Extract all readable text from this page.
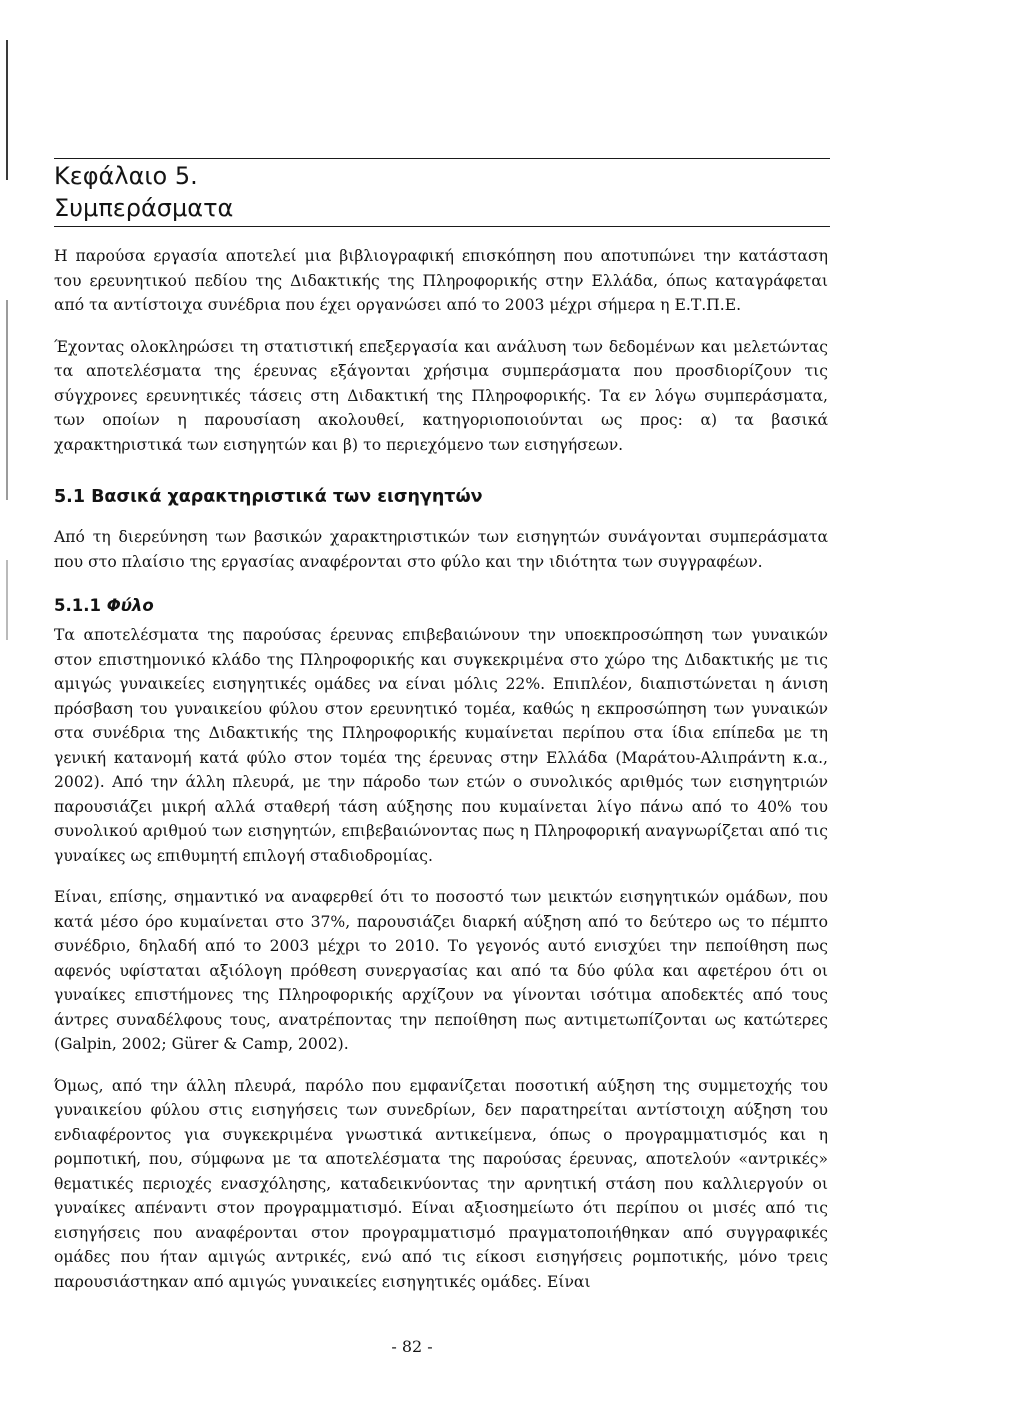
Κεφάλαιο 5.
Συμπεράσματα

Η παρούσα εργασία αποτελεί μια βιβλιογραφική επισκόπηση που αποτυπώνει την κατάσταση του ερευνητικού πεδίου της Διδακτικής της Πληροφορικής στην Ελλάδα, όπως καταγράφεται από τα αντίστοιχα συνέδρια που έχει οργανώσει από το 2003 μέχρι σήμερα η Ε.Τ.Π.Ε.

Έχοντας ολοκληρώσει τη στατιστική επεξεργασία και ανάλυση των δεδομένων και μελετώντας τα αποτελέσματα της έρευνας εξάγονται χρήσιμα συμπεράσματα που προσδιορίζουν τις σύγχρονες ερευνητικές τάσεις στη Διδακτική της Πληροφορικής. Τα εν λόγω συμπεράσματα, των οποίων η παρουσίαση ακολουθεί, κατηγοριοποιούνται ως προς: α) τα βασικά χαρακτηριστικά των εισηγητών και β) το περιεχόμενο των εισηγήσεων.

5.1 Βασικά χαρακτηριστικά των εισηγητών

Από τη διερεύνηση των βασικών χαρακτηριστικών των εισηγητών συνάγονται συμπεράσματα που στο πλαίσιο της εργασίας αναφέρονται στο φύλο και την ιδιότητα των συγγραφέων.

5.1.1 Φύλο

Τα αποτελέσματα της παρούσας έρευνας επιβεβαιώνουν την υποεκπροσώπηση των γυναικών στον επιστημονικό κλάδο της Πληροφορικής και συγκεκριμένα στο χώρο της Διδακτικής με τις αμιγώς γυναικείες εισηγητικές ομάδες να είναι μόλις 22%. Επιπλέον, διαπιστώνεται η άνιση πρόσβαση του γυναικείου φύλου στον ερευνητικό τομέα, καθώς η εκπροσώπηση των γυναικών στα συνέδρια της Διδακτικής της Πληροφορικής κυμαίνεται περίπου στα ίδια επίπεδα με τη γενική κατανομή κατά φύλο στον τομέα της έρευνας στην Ελλάδα (Μαράτου-Αλιπράντη κ.α., 2002). Από την άλλη πλευρά, με την πάροδο των ετών ο συνολικός αριθμός των εισηγητριών παρουσιάζει μικρή αλλά σταθερή τάση αύξησης που κυμαίνεται λίγο πάνω από το 40% του συνολικού αριθμού των εισηγητών, επιβεβαιώνοντας πως η Πληροφορική αναγνωρίζεται από τις γυναίκες ως επιθυμητή επιλογή σταδιοδρομίας.

Είναι, επίσης, σημαντικό να αναφερθεί ότι το ποσοστό των μεικτών εισηγητικών ομάδων, που κατά μέσο όρο κυμαίνεται στο 37%, παρουσιάζει διαρκή αύξηση από το δεύτερο ως το πέμπτο συνέδριο, δηλαδή από το 2003 μέχρι το 2010. Το γεγονός αυτό ενισχύει την πεποίθηση πως αφενός υφίσταται αξιόλογη πρόθεση συνεργασίας και από τα δύο φύλα και αφετέρου ότι οι γυναίκες επιστήμονες της Πληροφορικής αρχίζουν να γίνονται ισότιμα αποδεκτές από τους άντρες συναδέλφους τους, ανατρέποντας την πεποίθηση πως αντιμετωπίζονται ως κατώτερες (Galpin, 2002; Gürer & Camp, 2002).

Όμως, από την άλλη πλευρά, παρόλο που εμφανίζεται ποσοτική αύξηση της συμμετοχής του γυναικείου φύλου στις εισηγήσεις των συνεδρίων, δεν παρατηρείται αντίστοιχη αύξηση του ενδιαφέροντος για συγκεκριμένα γνωστικά αντικείμενα, όπως ο προγραμματισμός και η ρομποτική, που, σύμφωνα με τα αποτελέσματα της παρούσας έρευνας, αποτελούν «αντρικές» θεματικές περιοχές ενασχόλησης, καταδεικνύοντας την αρνητική στάση που καλλιεργούν οι γυναίκες απέναντι στον προγραμματισμό. Είναι αξιοσημείωτο ότι περίπου οι μισές από τις εισηγήσεις που αναφέρονται στον προγραμματισμό πραγματοποιήθηκαν από συγγραφικές ομάδες που ήταν αμιγώς αντρικές, ενώ από τις είκοσι εισηγήσεις ρομποτικής, μόνο τρεις παρουσιάστηκαν από αμιγώς γυναικείες εισηγητικές ομάδες. Είναι

- 82 -
